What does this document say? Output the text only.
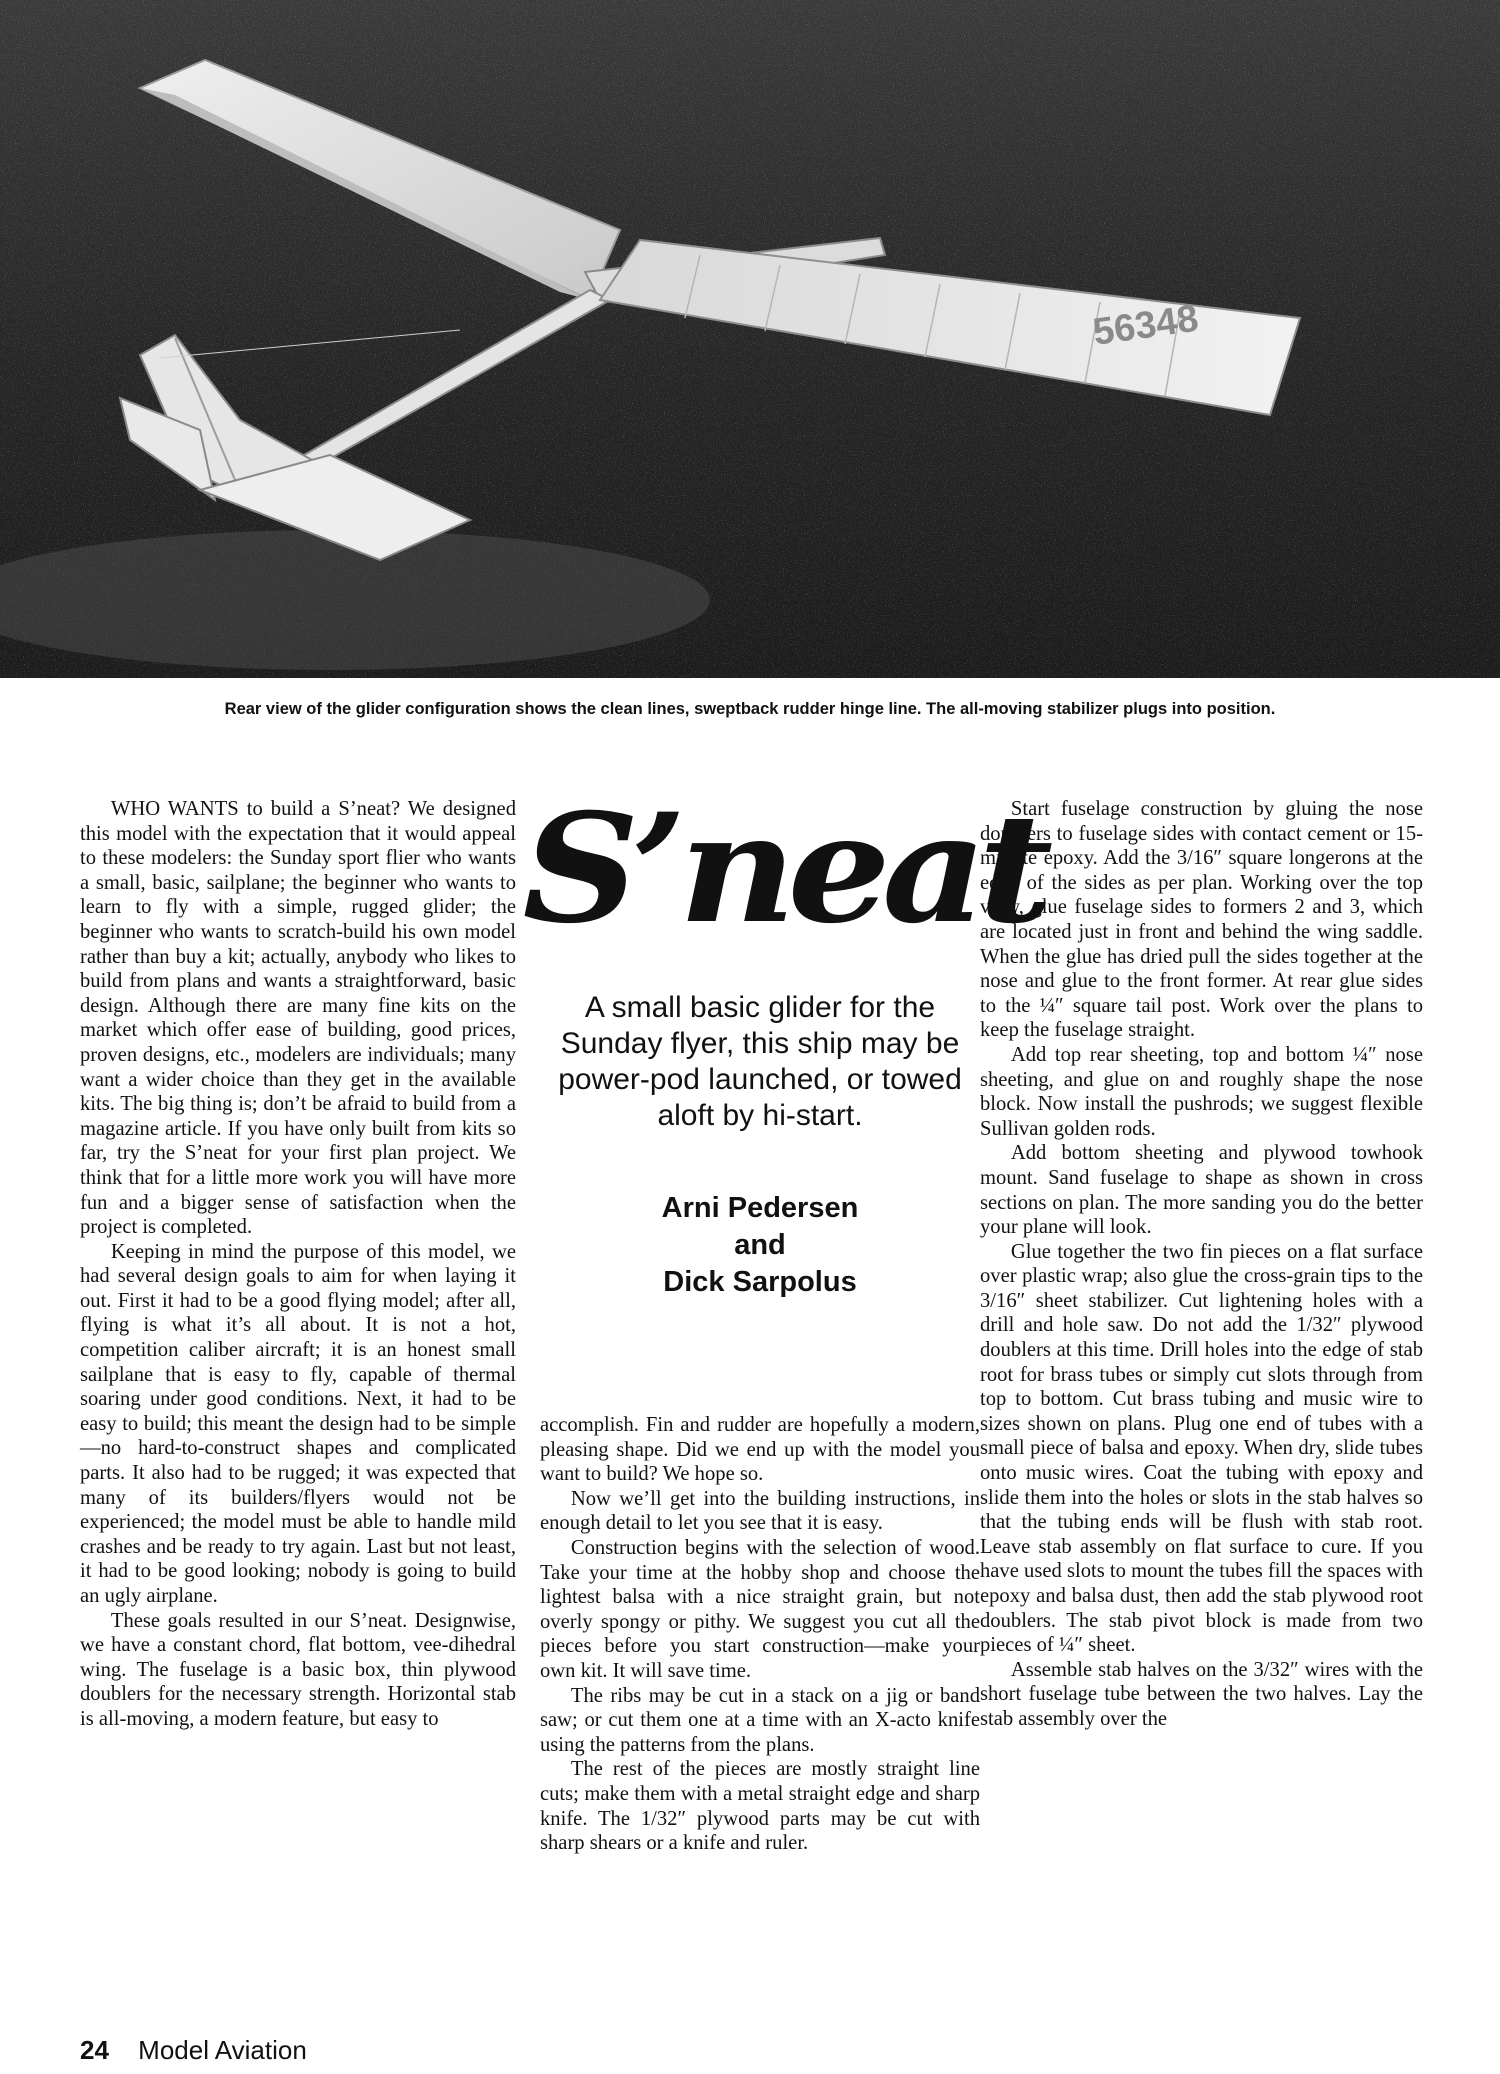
56348
Rear view of the glider configuration shows the clean lines, sweptback rudder hinge line. The all-moving stabilizer plugs into position.

WHO WANTS to build a S’neat? We designed this model with the expectation that it would appeal to these modelers: the Sunday sport flier who wants a small, basic, sailplane; the beginner who wants to learn to fly with a simple, rugged glider; the beginner who wants to scratch-build his own model rather than buy a kit; actually, anybody who likes to build from plans and wants a straightforward, basic design. Although there are many fine kits on the market which offer ease of building, good prices, proven designs, etc., modelers are individuals; many want a wider choice than they get in the available kits. The big thing is; don’t be afraid to build from a magazine article. If you have only built from kits so far, try the S’neat for your first plan project. We think that for a little more work you will have more fun and a bigger sense of satisfaction when the project is completed.

Keeping in mind the purpose of this model, we had several design goals to aim for when laying it out. First it had to be a good flying model; after all, flying is what it’s all about. It is not a hot, competition caliber aircraft; it is an honest small sailplane that is easy to fly, capable of thermal soaring under good conditions. Next, it had to be easy to build; this meant the design had to be simple—no hard-to-construct shapes and complicated parts. It also had to be rugged; it was expected that many of its builders/flyers would not be experienced; the model must be able to handle mild crashes and be ready to try again. Last but not least, it had to be good looking; nobody is going to build an ugly airplane.

These goals resulted in our S’neat. Designwise, we have a constant chord, flat bottom, vee-dihedral wing. The fuselage is a basic box, thin plywood doublers for the necessary strength. Horizontal stab is all-moving, a modern feature, but easy to

S’neat
A small basic glider for the Sunday flyer, this ship may be power-pod launched, or towed aloft by hi-start.
Arni Pedersen
and
Dick Sarpolus

accomplish. Fin and rudder are hopefully a modern, pleasing shape. Did we end up with the model you want to build? We hope so.

Now we’ll get into the building instructions, in enough detail to let you see that it is easy.

Construction begins with the selection of wood. Take your time at the hobby shop and choose the lightest balsa with a nice straight grain, but not overly spongy or pithy. We suggest you cut all the pieces before you start construction—make your own kit. It will save time.

The ribs may be cut in a stack on a jig or band saw; or cut them one at a time with an X-acto knife using the patterns from the plans.

The rest of the pieces are mostly straight line cuts; make them with a metal straight edge and sharp knife. The 1/32″ plywood parts may be cut with sharp shears or a knife and ruler.

Start fuselage construction by gluing the nose doublers to fuselage sides with contact cement or 15-minute epoxy. Add the 3/16″ square longerons at the edge of the sides as per plan. Working over the top view, glue fuselage sides to formers 2 and 3, which are located just in front and behind the wing saddle. When the glue has dried pull the sides together at the nose and glue to the front former. At rear glue sides to the ¼″ square tail post. Work over the plans to keep the fuselage straight.

Add top rear sheeting, top and bottom ¼″ nose sheeting, and glue on and roughly shape the nose block. Now install the pushrods; we suggest flexible Sullivan golden rods.

Add bottom sheeting and plywood towhook mount. Sand fuselage to shape as shown in cross sections on plan. The more sanding you do the better your plane will look.

Glue together the two fin pieces on a flat surface over plastic wrap; also glue the cross-grain tips to the 3/16″ sheet stabilizer. Cut lightening holes with a drill and hole saw. Do not add the 1/32″ plywood doublers at this time. Drill holes into the edge of stab root for brass tubes or simply cut slots through from top to bottom. Cut brass tubing and music wire to sizes shown on plans. Plug one end of tubes with a small piece of balsa and epoxy. When dry, slide tubes onto music wires. Coat the tubing with epoxy and slide them into the holes or slots in the stab halves so that the tubing ends will be flush with stab root. Leave stab assembly on flat surface to cure. If you have used slots to mount the tubes fill the spaces with epoxy and balsa dust, then add the stab plywood root doublers. The stab pivot block is made from two pieces of ¼″ sheet.

Assemble stab halves on the 3/32″ wires with the short fuselage tube between the two halves. Lay the stab assembly over the

24 Model Aviation
